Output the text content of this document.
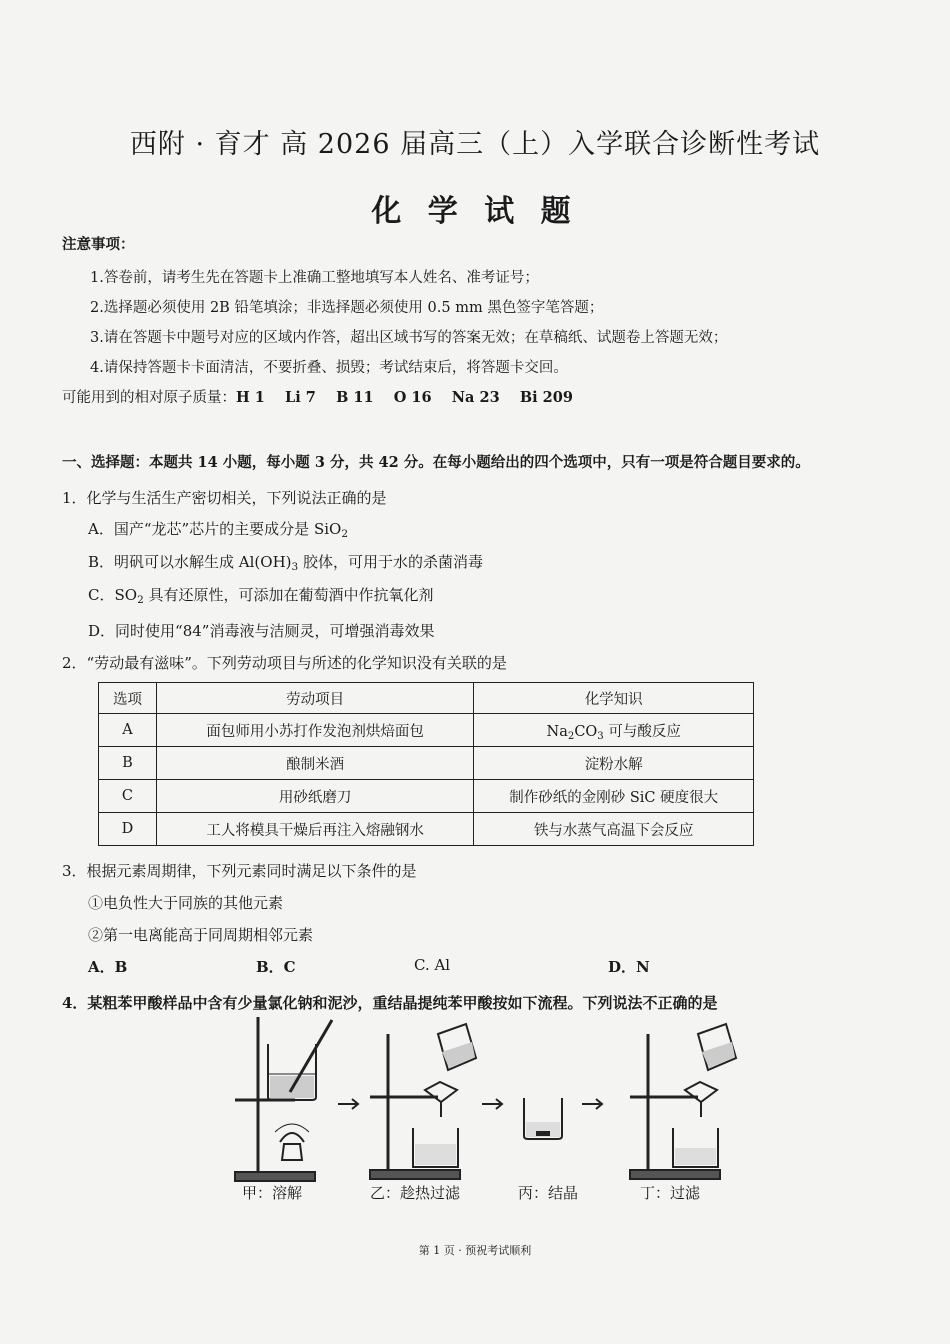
西附 · 育才 高 2026 届高三（上）入学联合诊断性考试
化 学 试 题
注意事项：
1.答卷前，请考生先在答题卡上准确工整地填写本人姓名、准考证号；
2.选择题必须使用 2B 铅笔填涂；非选择题必须使用 0.5 mm 黑色签字笔答题；
3.请在答题卡中题号对应的区域内作答，超出区域书写的答案无效；在草稿纸、试题卷上答题无效；
4.请保持答题卡卡面清洁，不要折叠、损毁；考试结束后，将答题卡交回。
可能用到的相对原子质量：H 1    Li 7    B 11    O 16    Na 23    Bi 209
一、选择题：本题共 14 小题，每小题 3 分，共 42 分。在每小题给出的四个选项中，只有一项是符合题目要求的。
1．化学与生活生产密切相关，下列说法正确的是
A．国产“龙芯”芯片的主要成分是 SiO$_2$
B．明矾可以水解生成 $Al(OH)_3$ 胶体，可用于水的杀菌消毒
C．$SO_2$ 具有还原性，可添加在葡萄酒中作抗氧化剂
D．同时使用“84”消毒液与洁厕灵，可增强消毒效果
2．“劳动最有滋味”。下列劳动项目与所述的化学知识没有关联的是
选项	劳动项目	化学知识
A	面包师用小苏打作发泡剂烘焙面包	$Na_2CO_3$ 可与酸反应
B	酿制米酒	淀粉水解
C	用砂纸磨刀	制作砂纸的金刚砂 SiC 硬度很大
D	工人将模具干燥后再注入熔融钢水	铁与水蒸气高温下会反应
3．根据元素周期律，下列元素同时满足以下条件的是
①电负性大于同族的其他元素
②第一电离能高于同周期相邻元素
A．B	B．C	C. Al	D．N
4．某粗苯甲酸样品中含有少量氯化钠和泥沙，重结晶提纯苯甲酸按如下流程。下列说法不正确的是
甲：溶解	乙：趁热过滤	丙：结晶	丁：过滤
第 1 页 · 预祝考试顺利
